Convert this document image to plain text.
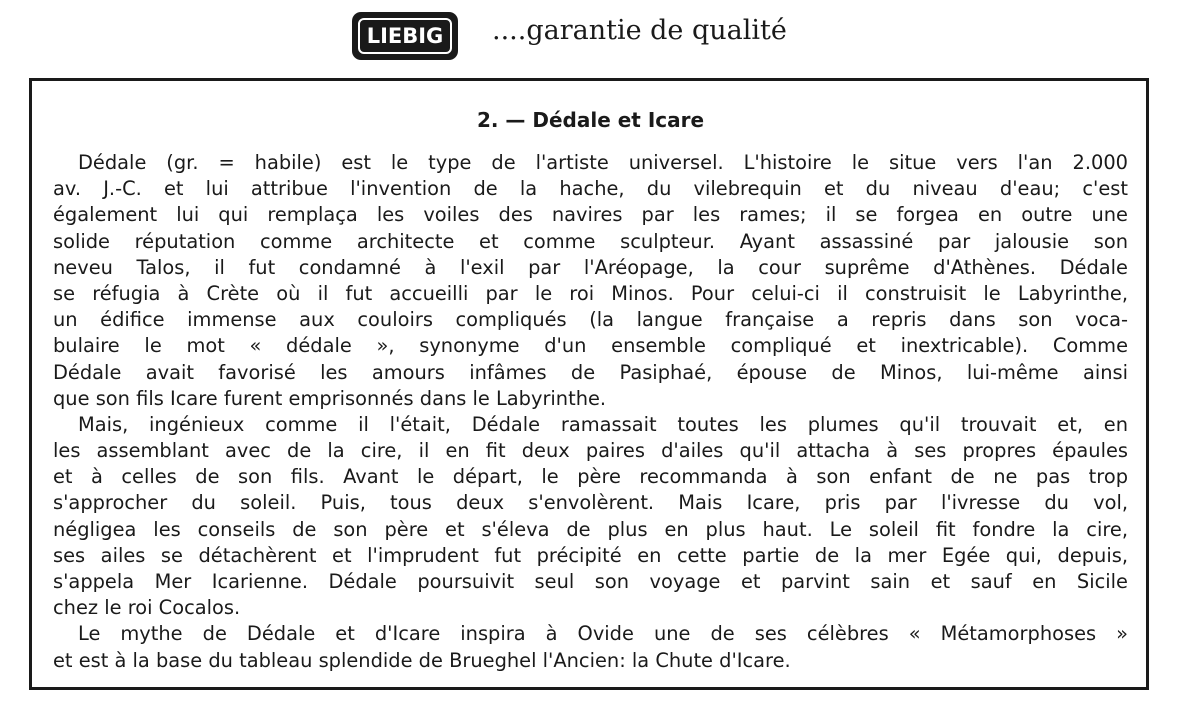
LIEBIG	....garantie de qualité
2. — Dédale et Icare
Dédale (gr. = habile) est le type de l'artiste universel. L'histoire le situe vers l'an 2.000
av. J.-C. et lui attribue l'invention de la hache, du vilebrequin et du niveau d'eau; c'est
également lui qui remplaça les voiles des navires par les rames; il se forgea en outre une
solide réputation comme architecte et comme sculpteur. Ayant assassiné par jalousie son
neveu Talos, il fut condamné à l'exil par l'Aréopage, la cour suprême d'Athènes. Dédale
se réfugia à Crète où il fut accueilli par le roi Minos. Pour celui-ci il construisit le Labyrinthe,
un édifice immense aux couloirs compliqués (la langue française a repris dans son voca-
bulaire le mot « dédale », synonyme d'un ensemble compliqué et inextricable). Comme
Dédale avait favorisé les amours infâmes de Pasiphaé, épouse de Minos, lui-même ainsi
que son fils Icare furent emprisonnés dans le Labyrinthe.
Mais, ingénieux comme il l'était, Dédale ramassait toutes les plumes qu'il trouvait et, en
les assemblant avec de la cire, il en fit deux paires d'ailes qu'il attacha à ses propres épaules
et à celles de son fils. Avant le départ, le père recommanda à son enfant de ne pas trop
s'approcher du soleil. Puis, tous deux s'envolèrent. Mais Icare, pris par l'ivresse du vol,
négligea les conseils de son père et s'éleva de plus en plus haut. Le soleil fit fondre la cire,
ses ailes se détachèrent et l'imprudent fut précipité en cette partie de la mer Egée qui, depuis,
s'appela Mer Icarienne. Dédale poursuivit seul son voyage et parvint sain et sauf en Sicile
chez le roi Cocalos.
Le mythe de Dédale et d'Icare inspira à Ovide une de ses célèbres « Métamorphoses »
et est à la base du tableau splendide de Brueghel l'Ancien: la Chute d'Icare.
